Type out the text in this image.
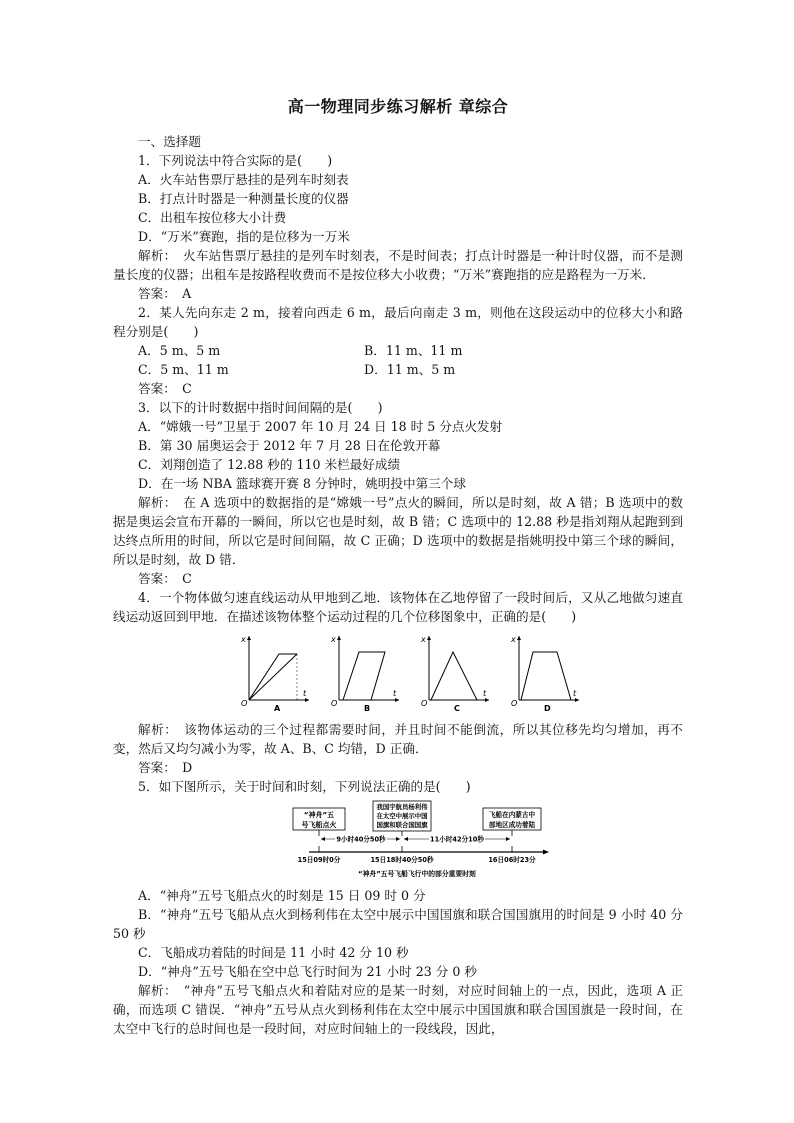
高一物理同步练习解析 章综合

一、选择题

1．下列说法中符合实际的是(　　)

A．火车站售票厅悬挂的是列车时刻表

B．打点计时器是一种测量长度的仪器

C．出租车按位移大小计费

D．“万米”赛跑，指的是位移为一万米

解析：　火车站售票厅悬挂的是列车时刻表，不是时间表；打点计时器是一种计时仪器，而不是测量长度的仪器；出租车是按路程收费而不是按位移大小收费；“万米”赛跑指的应是路程为一万米．

答案：　A

2．某人先向东走 2 m，接着向西走 6 m，最后向南走 3 m，则他在这段运动中的位移大小和路程分别是(　　)

A．5 m、5 m	B．11 m、11 m
C．5 m、11 m	D．11 m、5 m

答案：　C

3．以下的计时数据中指时间间隔的是(　　)

A．“嫦娥一号”卫星于 2007 年 10 月 24 日 18 时 5 分点火发射

B．第 30 届奥运会于 2012 年 7 月 28 日在伦敦开幕

C．刘翔创造了 12.88 秒的 110 米栏最好成绩

D．在一场 NBA 篮球赛开赛 8 分钟时，姚明投中第三个球

解析：　在 A 选项中的数据指的是“嫦娥一号”点火的瞬间，所以是时刻，故 A 错；B 选项中的数据是奥运会宣布开幕的一瞬间，所以它也是时刻，故 B 错；C 选项中的 12.88 秒是指刘翔从起跑到到达终点所用的时间，所以它是时间间隔，故 C 正确；D 选项中的数据是指姚明投中第三个球的瞬间，所以是时刻，故 D 错．

答案：　C

4．一个物体做匀速直线运动从甲地到乙地．该物体在乙地停留了一段时间后，又从乙地做匀速直线运动返回到甲地．在描述该物体整个运动过程的几个位移图象中，正确的是(　　)

O
t
x
A
O
t
x
B
O
t
x
C
O
t
x
D

解析：　该物体运动的三个过程都需要时间，并且时间不能倒流，所以其位移先均匀增加，再不变，然后又均匀减小为零，故 A、B、C 均错，D 正确．

答案：　D

5．如下图所示，关于时间和时刻，下列说法正确的是(　　)

“神舟”五
号飞船点火
我国宇航员杨利伟
在太空中展示中国
国旗和联合国国旗
飞船在内蒙古中
部地区成功着陆
9小时40分50秒	11小时42分10秒
15日09时0分	15日18时40分50秒	16日06时23分
“神舟”五号飞船飞行中的部分重要时刻

A．“神舟”五号飞船点火的时刻是 15 日 09 时 0 分

B．“神舟”五号飞船从点火到杨利伟在太空中展示中国国旗和联合国国旗用的时间是 9 小时 40 分 50 秒

C．飞船成功着陆的时间是 11 小时 42 分 10 秒

D．“神舟”五号飞船在空中总飞行时间为 21 小时 23 分 0 秒

解析：　“神舟”五号飞船点火和着陆对应的是某一时刻，对应时间轴上的一点，因此，选项 A 正确，而选项 C 错误．“神舟”五号从点火到杨利伟在太空中展示中国国旗和联合国国旗是一段时间，在太空中飞行的总时间也是一段时间，对应时间轴上的一段线段，因此，
